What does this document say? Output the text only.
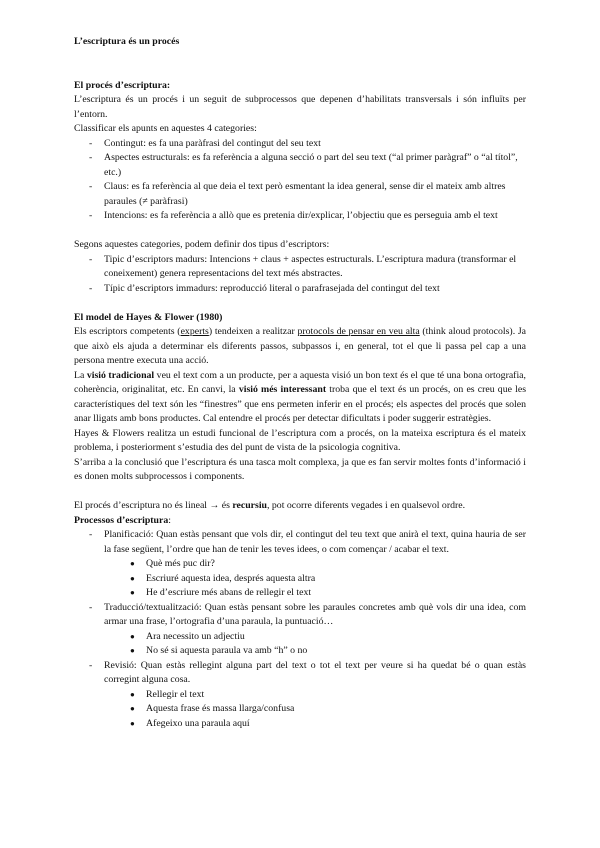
L’escriptura és un procés
El procés d’escriptura:
L’escriptura és un procés i un seguit de subprocessos que depenen d’habilitats transversals i són influïts per l’entorn.
Classificar els apunts en aquestes 4 categories:
- Contingut: es fa una paràfrasi del contingut del seu text
- Aspectes estructurals: es fa referència a alguna secció o part del seu text (“al primer paràgraf” o “al títol”, etc.)
- Claus: es fa referència al que deia el text però esmentant la idea general, sense dir el mateix amb altres paraules (≠ paràfrasi)
- Intencions: es fa referència a allò que es pretenia dir/explicar, l’objectiu que es perseguia amb el text
Segons aquestes categories, podem definir dos tipus d’escriptors:
- Tipic d’escriptors madurs: Intencions + claus + aspectes estructurals. L’escriptura madura (transformar el coneixement) genera representacions del text més abstractes.
- Típic d’escriptors immadurs: reproducció literal o parafrasejada del contingut del text
El model de Hayes & Flower (1980)
Els escriptors competents (experts) tendeixen a realitzar protocols de pensar en veu alta (think aloud protocols). Ja que això els ajuda a determinar els diferents passos, subpassos i, en general, tot el que li passa pel cap a una persona mentre executa una acció.
La visió tradicional veu el text com a un producte, per a aquesta visió un bon text és el que té una bona ortografia, coherència, originalitat, etc. En canvi, la visió més interessant troba que el text és un procés, on es creu que les característiques del text són les “finestres” que ens permeten inferir en el procés; els aspectes del procés que solen anar lligats amb bons productes. Cal entendre el procés per detectar dificultats i poder suggerir estratègies.
Hayes & Flowers realitza un estudi funcional de l’escriptura com a procés, on la mateixa escriptura és el mateix problema, i posteriorment s’estudia des del punt de vista de la psicologia cognitiva.
S’arriba a la conclusió que l’escriptura és una tasca molt complexa, ja que es fan servir moltes fonts d’informació i es donen molts subprocessos i components.
El procés d’escriptura no és lineal → és recursiu, pot ocorre diferents vegades i en qualsevol ordre.
Processos d’escriptura:
- Planificació: Quan estàs pensant que vols dir, el contingut del teu text que anirà el text, quina hauria de ser la fase següent, l’ordre que han de tenir les teves idees, o com començar / acabar el text.
● Què més puc dir?
● Escriuré aquesta idea, després aquesta altra
● He d’escriure més abans de rellegir el text
- Traducció/textualització: Quan estàs pensant sobre les paraules concretes amb què vols dir una idea, com armar una frase, l’ortografia d’una paraula, la puntuació…
● Ara necessito un adjectiu
● No sé si aquesta paraula va amb “h” o no
- Revisió: Quan estàs rellegint alguna part del text o tot el text per veure si ha quedat bé o quan estàs corregint alguna cosa.
● Rellegir el text
● Aquesta frase és massa llarga/confusa
● Afegeixo una paraula aquí
